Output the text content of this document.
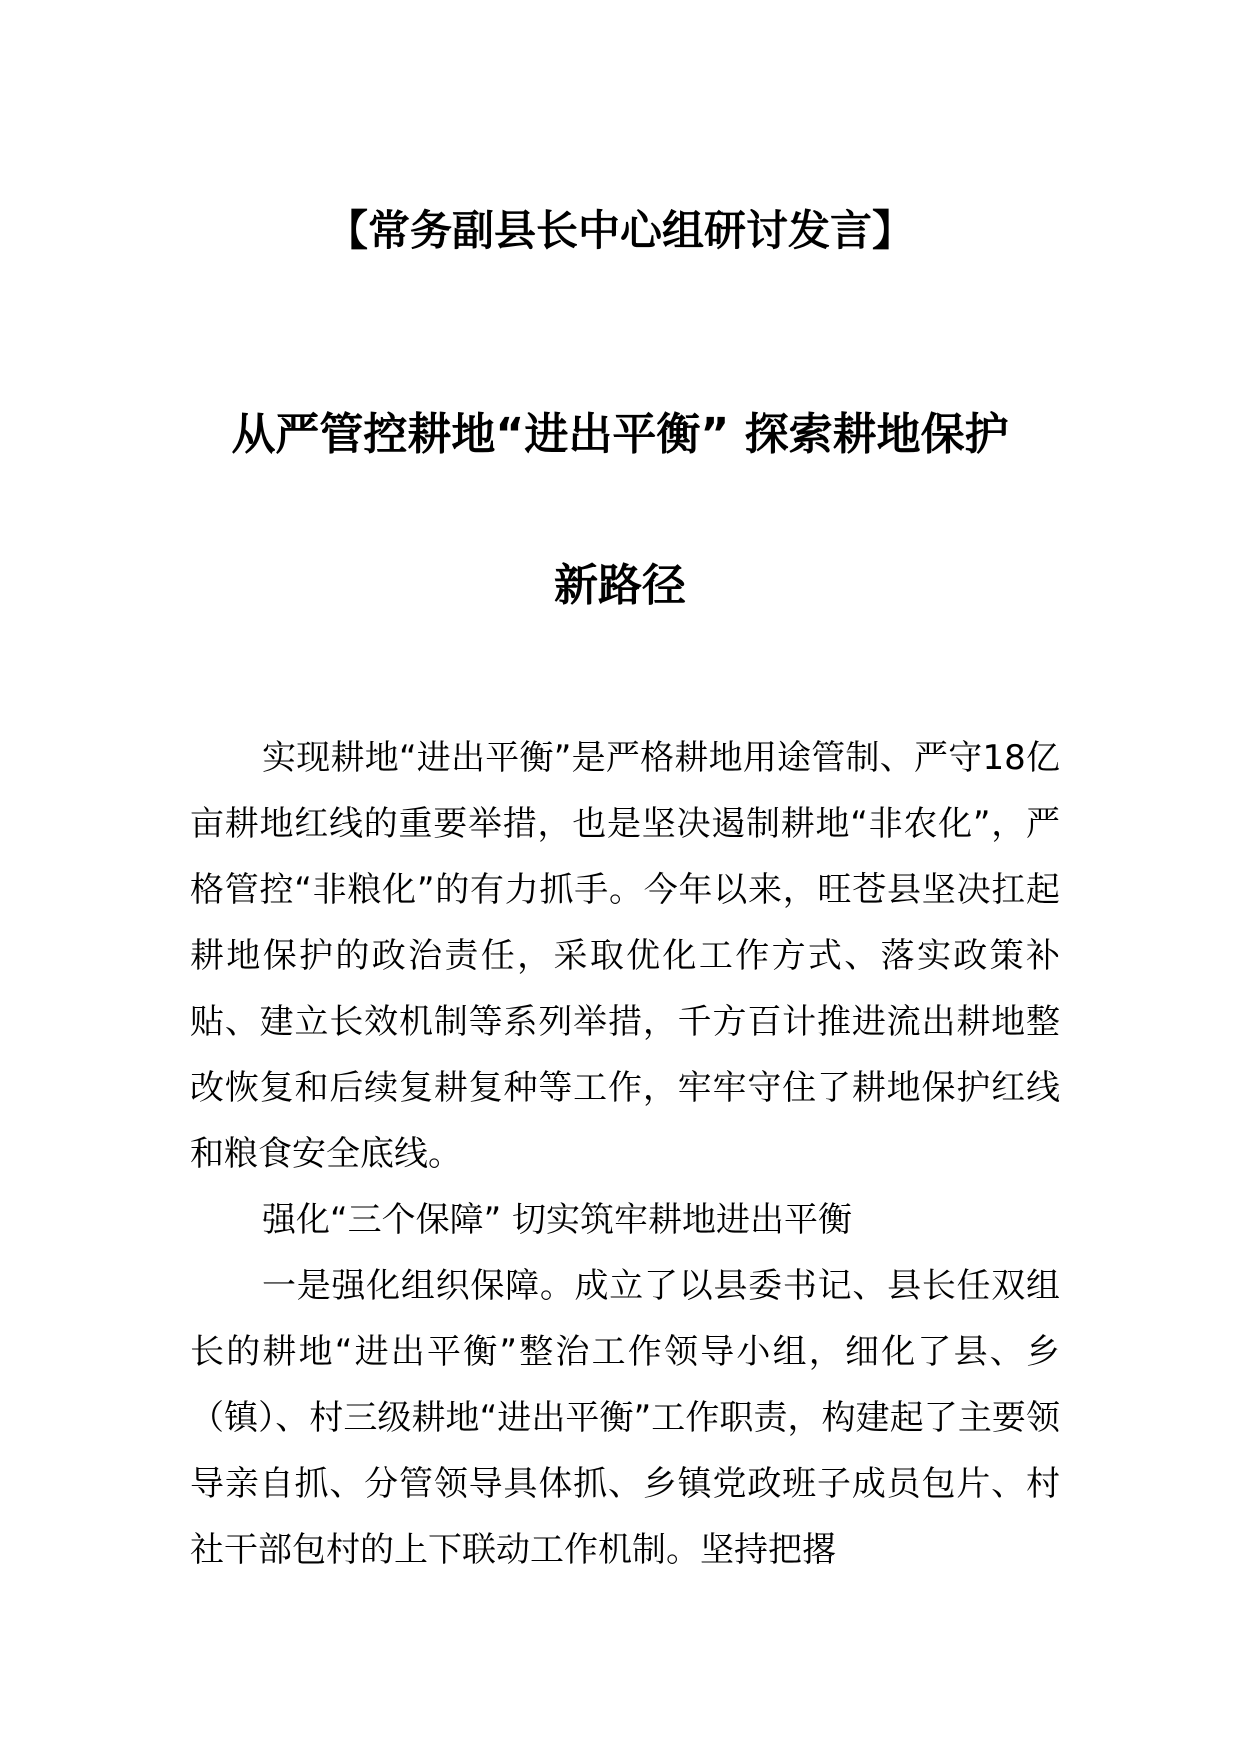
【常务副县长中心组研讨发言】
从严管控耕地“进出平衡” 探索耕地保护
新路径

实现耕地“进出平衡”是严格耕地用途管制、严守18亿亩耕地红线的重要举措，也是坚决遏制耕地“非农化”，严格管控“非粮化”的有力抓手。今年以来，旺苍县坚决扛起耕地保护的政治责任，采取优化工作方式、落实政策补贴、建立长效机制等系列举措，千方百计推进流出耕地整改恢复和后续复耕复种等工作，牢牢守住了耕地保护红线和粮食安全底线。

强化“三个保障” 切实筑牢耕地进出平衡

一是强化组织保障。成立了以县委书记、县长任双组长的耕地“进出平衡”整治工作领导小组，细化了县、乡（镇）、村三级耕地“进出平衡”工作职责，构建起了主要领导亲自抓、分管领导具体抓、乡镇党政班子成员包片、村社干部包村的上下联动工作机制。坚持把撂
